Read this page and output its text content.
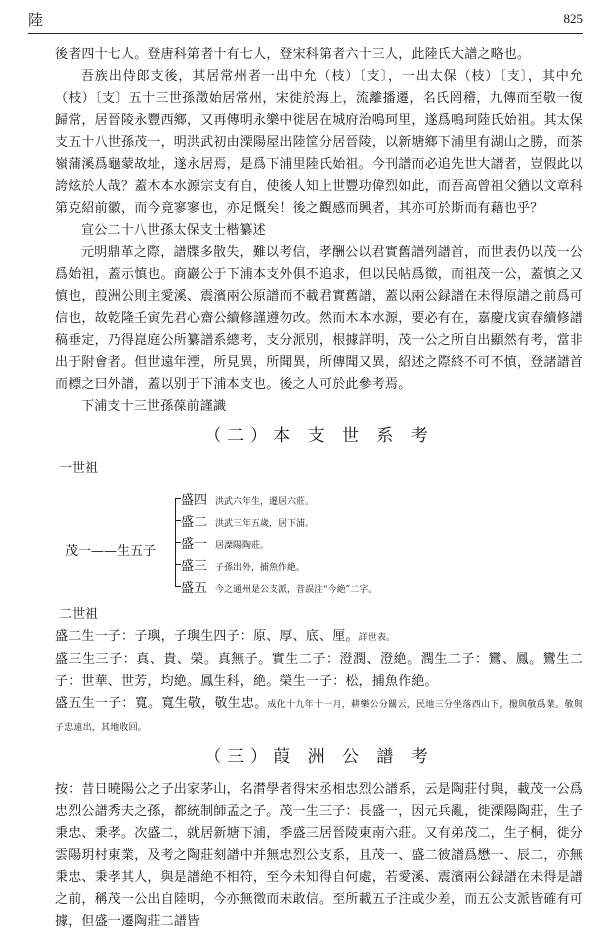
陸	825

後者四十七人。登唐科第者十有七人，登宋科第者六十三人，此陸氏大譜之略也。

吾族出侍郎支後，其居常州者一出中允（枝）〔支〕，一出太保（枝）〔支〕，其中允（枝）〔支〕五十三世孫澂始居常州，宋徙於海上，流離播遷，名氏罔稽，九傳而至敬一復歸常，居晉陵永豐西鄉，又再傳明永樂中徙居在城府治鳴珂里，遂爲鳴珂陸氏始祖。其太保支五十八世孫茂一，明洪武初由溧陽屋出陸筐分居晉陵，以新塘鄉下浦里有湖山之勝，而茶嶺蒲溪爲龜蒙故址，遂永居焉，是爲下浦里陸氏始祖。今刊譜而必追先世大譜者，豈假此以誇炫於人哉？蓋木本水源宗支有自，使後人知上世豐功偉烈如此，而吾高曾祖父猶以文章科第克紹前徽，而今竟寥寥也，亦足慨矣！後之觀感而興者，其亦可於斯而有藉也乎？

宣公二十八世孫太保支士楷纂述

元明鼎革之際，譜牒多散失，難以考信，孝酬公以君實舊譜列譜首，而世表仍以茂一公爲始祖，蓋示慎也。商巖公于下浦本支外俱不追求，但以民帖爲徵，而祖茂一公，蓋慎之又慎也，葭洲公則主愛溪、震濱兩公原譜而不載君實舊譜，蓋以兩公録譜在未得原譜之前爲可信也，故乾隆壬寅先君心齋公續修謹遵勿改。然而木本水源，要必有在，嘉慶戊寅春續修譜稿垂定，乃得崑庭公所纂譜系總考，支分派別，根據詳明，茂一公之所自出顯然有考，當非出于附會者。但世遠年湮，所見異，所聞異，所傳聞又異，紹述之際終不可不慎，登諸譜首而標之曰外譜，蓋以别于下浦本支也。後之人可於此參考焉。

下浦支十三世孫葆前謹識

（二）本 支 世 系 考

一世祖

茂一——生五子
盛四 洪武六年生，遷居六莊。
盛二 洪武三年五歲，居下浦。
盛一 居溧陽陶莊。
盛三 子孫出外，捕魚作絶。
盛五 今之通州是公支派，昔誤注“今絶”二字。

二世祖

盛二生一子：子璵，子璵生四子：原、厚、底、厘。詳世表。

盛三生三子：真、貴、榮。真無子。實生二子：澄潤、澄絶。潤生二子：鸞、鳳。鸞生二子：世華、世芳，均絶。鳳生科，絶。榮生一子：松，捕魚作絶。

盛五生一子：寬。寬生敬，敬生忠。成化十九年十一月，耕樂公分關云，民地三分坐落西山下，撥與敬爲業。敬與子忠遠出，其地收回。

（三）葭 洲 公 譜 考

按：昔日曉陽公之子出家茅山，名潸學者得宋丞相忠烈公譜系，云是陶莊付與，載茂一公爲忠烈公譜秀夫之孫，都統制師孟之子。茂一生三子：長盛一，因元兵亂，徙溧陽陶莊，生子秉忠、秉孝。次盛二，就居新塘下浦，季盛三居晉陵東南六莊。又有弟茂二，生子桐，徙分雲陽玥村東業，及考之陶莊刻譜中并無忠烈公支系，且茂一、盛二彼譜爲懋一、辰二，亦無秉忠、秉孝其人，與是譜絶不相符，至今未知得自何處，若愛溪、震濱兩公録譜在未得是譜之前，稱茂一公出自陸明，今亦無徵而未敢信。至所載五子注或少差，而五公支派皆確有可據，但盛一遷陶莊二譜皆
